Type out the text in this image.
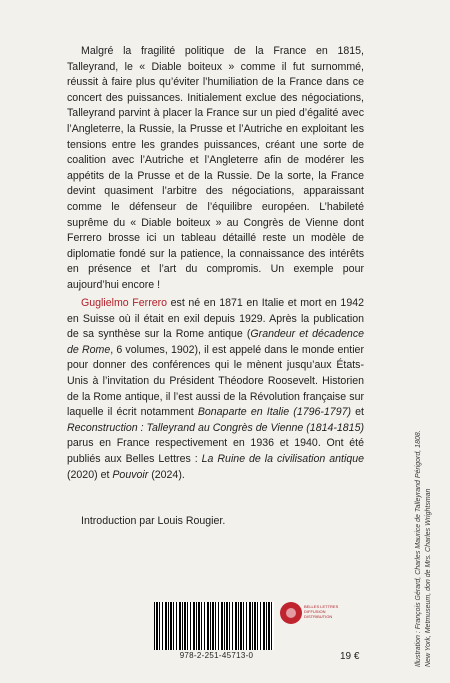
Malgré la fragilité politique de la France en 1815, Talleyrand, le « Diable boiteux » comme il fut surnommé, réussit à faire plus qu’éviter l’humiliation de la France dans ce concert des puissances. Initialement exclue des négociations, Talleyrand parvint à placer la France sur un pied d’égalité avec l’Angleterre, la Russie, la Prusse et l’Autriche en exploitant les tensions entre les grandes puissances, créant une sorte de coalition avec l’Autriche et l’Angleterre afin de modérer les appétits de la Prusse et de la Russie. De la sorte, la France devint quasiment l’arbitre des négociations, apparaissant comme le défenseur de l’équilibre européen. L’habileté suprême du « Diable boiteux » au Congrès de Vienne dont Ferrero brosse ici un tableau détaillé reste un modèle de diplomatie fondé sur la patience, la connaissance des intérêts en présence et l’art du compromis. Un exemple pour aujourd’hui encore !

Guglielmo Ferrero est né en 1871 en Italie et mort en 1942 en Suisse où il était en exil depuis 1929. Après la publication de sa synthèse sur la Rome antique (Grandeur et décadence de Rome, 6 volumes, 1902), il est appelé dans le monde entier pour donner des conférences qui le mènent jusqu’aux États-Unis à l’invitation du Président Théodore Roosevelt. Historien de la Rome antique, il l’est aussi de la Révolution française sur laquelle il écrit notamment Bonaparte en Italie (1796-1797) et Reconstruction : Talleyrand au Congrès de Vienne (1814-1815) parus en France respectivement en 1936 et 1940. Ont été publiés aux Belles Lettres : La Ruine de la civilisation antique (2020) et Pouvoir (2024).

Introduction par Louis Rougier.	Illustration : François Gérard, Charles Maurice de Talleyrand Périgord, 1808. New York, Metmuseum, don de Mrs. Charles Wrightsman
978-2-251-45713-0
BELLES LETTRES
DIFFUSION
DISTRIBUTION
19 €
